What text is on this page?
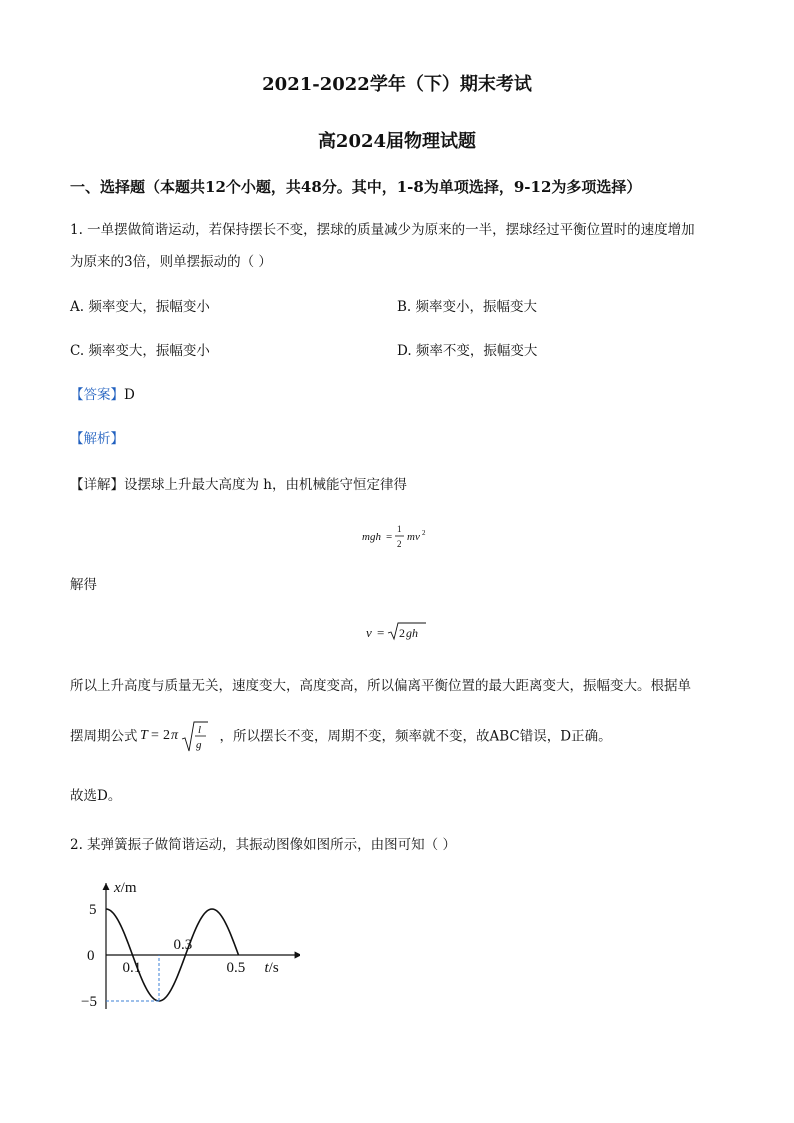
2021-2022学年（下）期末考试
高2024届物理试题
一、选择题（本题共12个小题，共48分。其中，1-8为单项选择，9-12为多项选择）
1. 一单摆做简谐运动，若保持摆长不变，摆球的质量减少为原来的一半，摆球经过平衡位置时的速度增加
为原来的3倍，则单摆振动的（ ）
A. 频率变大，振幅变小	B. 频率变小，振幅变大
C. 频率变大，振幅变小	D. 频率不变，振幅变大
【答案】D
【解析】
【详解】设摆球上升最大高度为 h，由机械能守恒定律得
mgh =
1
2
mv 2
解得
v = 2 gh
所以上升高度与质量无关，速度变大，高度变高，所以偏离平衡位置的最大距离变大，振幅变大。根据单
摆周期公式 T = 2 π l
g
，所以摆长不变，周期不变，频率就不变，故ABC错误，D正确。
故选D。
2. 某弹簧振子做简谐运动，其振动图像如图所示，由图可知（ ）
0.1
0.3
0.5
5
0
−5
t/s
x/m
